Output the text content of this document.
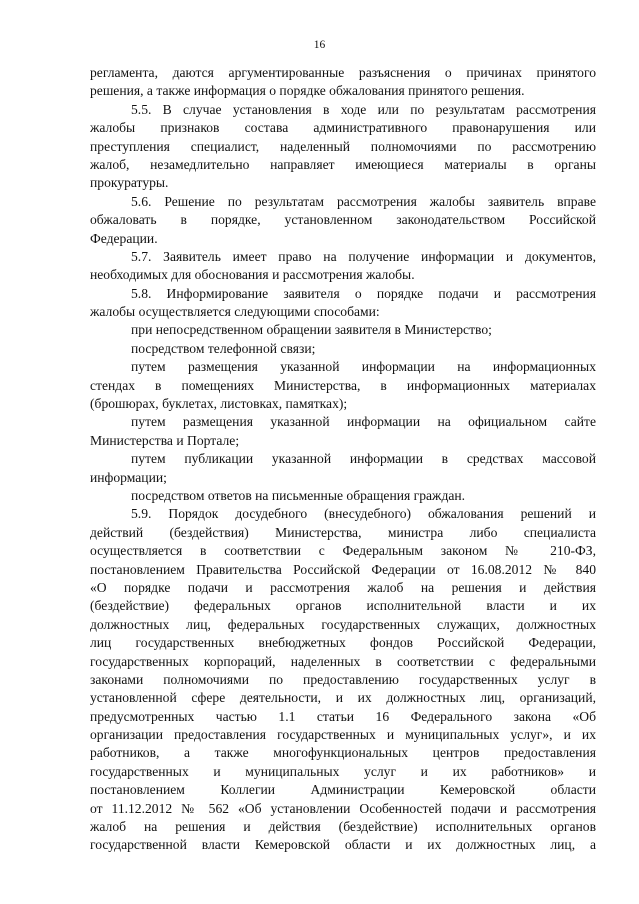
16
регламента, даются аргументированные разъяснения о причинах принятого
решения, а также информация о порядке обжалования принятого решения.
5.5. В случае установления в ходе или по результатам рассмотрения
жалобы признаков состава административного правонарушения или
преступления специалист, наделенный полномочиями по рассмотрению
жалоб, незамедлительно направляет имеющиеся материалы в органы
прокуратуры.
5.6. Решение по результатам рассмотрения жалобы заявитель вправе
обжаловать в порядке, установленном законодательством Российской
Федерации.
5.7. Заявитель имеет право на получение информации и документов,
необходимых для обоснования и рассмотрения жалобы.
5.8. Информирование заявителя о порядке подачи и рассмотрения
жалобы осуществляется следующими способами:
при непосредственном обращении заявителя в Министерство;
посредством телефонной связи;
путем размещения указанной информации на информационных
стендах в помещениях Министерства, в информационных материалах
(брошюрах, буклетах, листовках, памятках);
путем размещения указанной информации на официальном сайте
Министерства и Портале;
путем публикации указанной информации в средствах массовой
информации;
посредством ответов на письменные обращения граждан.
5.9. Порядок досудебного (внесудебного) обжалования решений и
действий (бездействия) Министерства, министра либо специалиста
осуществляется в соответствии с Федеральным законом № 210-ФЗ,
постановлением Правительства Российской Федерации от 16.08.2012 № 840
«О порядке подачи и рассмотрения жалоб на решения и действия
(бездействие) федеральных органов исполнительной власти и их
должностных лиц, федеральных государственных служащих, должностных
лиц государственных внебюджетных фондов Российской Федерации,
государственных корпораций, наделенных в соответствии с федеральными
законами полномочиями по предоставлению государственных услуг в
установленной сфере деятельности, и их должностных лиц, организаций,
предусмотренных частью 1.1 статьи 16 Федерального закона «Об
организации предоставления государственных и муниципальных услуг», и их
работников, а также многофункциональных центров предоставления
государственных и муниципальных услуг и их работников» и
постановлением Коллегии Администрации Кемеровской области
от 11.12.2012 № 562 «Об установлении Особенностей подачи и рассмотрения
жалоб на решения и действия (бездействие) исполнительных органов
государственной власти Кемеровской области и их должностных лиц, а
